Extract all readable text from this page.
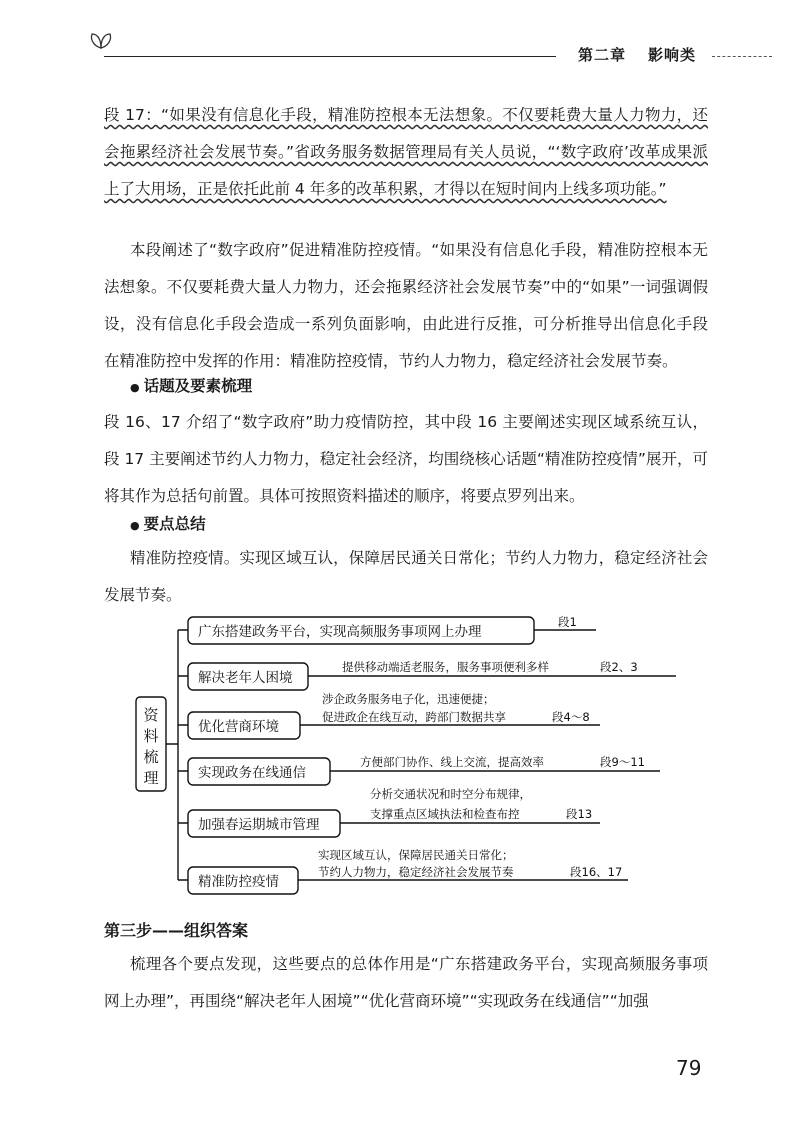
第二章 影响类

段 17：“如果没有信息化手段，精准防控根本无法想象。不仅要耗费大量人力物力，还会拖累经济社会发展节奏。”省政务服务数据管理局有关人员说，“‘数字政府’改革成果派上了大用场，正是依托此前 4 年多的改革积累，才得以在短时间内上线多项功能。”

本段阐述了“数字政府”促进精准防控疫情。“如果没有信息化手段，精准防控根本无法想象。不仅要耗费大量人力物力，还会拖累经济社会发展节奏”中的“如果”一词强调假设，没有信息化手段会造成一系列负面影响，由此进行反推，可分析推导出信息化手段在精准防控中发挥的作用：精准防控疫情，节约人力物力，稳定经济社会发展节奏。

● 话题及要素梳理

段 16、17 介绍了“数字政府”助力疫情防控，其中段 16 主要阐述实现区域系统互认，段 17 主要阐述节约人力物力，稳定社会经济，均围绕核心话题“精准防控疫情”展开，可将其作为总括句前置。具体可按照资料描述的顺序，将要点罗列出来。

● 要点总结

精准防控疫情。实现区域互认，保障居民通关日常化；节约人力物力，稳定经济社会发展节奏。

资
料
梳
理
广东搭建政务平台，实现高频服务事项网上办理
解决老年人困境
优化营商环境
实现政务在线通信
加强春运期城市管理
精准防控疫情
提供移动端适老服务，服务事项便利多样
涉企政务服务电子化，迅速便捷；
促进政企在线互动，跨部门数据共享
方便部门协作、线上交流，提高效率
分析交通状况和时空分布规律，
支撑重点区域执法和检查布控
实现区域互认，保障居民通关日常化；
节约人力物力，稳定经济社会发展节奏
段1
段2、3
段4～8
段9～11
段13
段16、17
第三步——组织答案

梳理各个要点发现，这些要点的总体作用是“广东搭建政务平台，实现高频服务事项网上办理”，再围绕“解决老年人困境”“优化营商环境”“实现政务在线通信”“加强

79
